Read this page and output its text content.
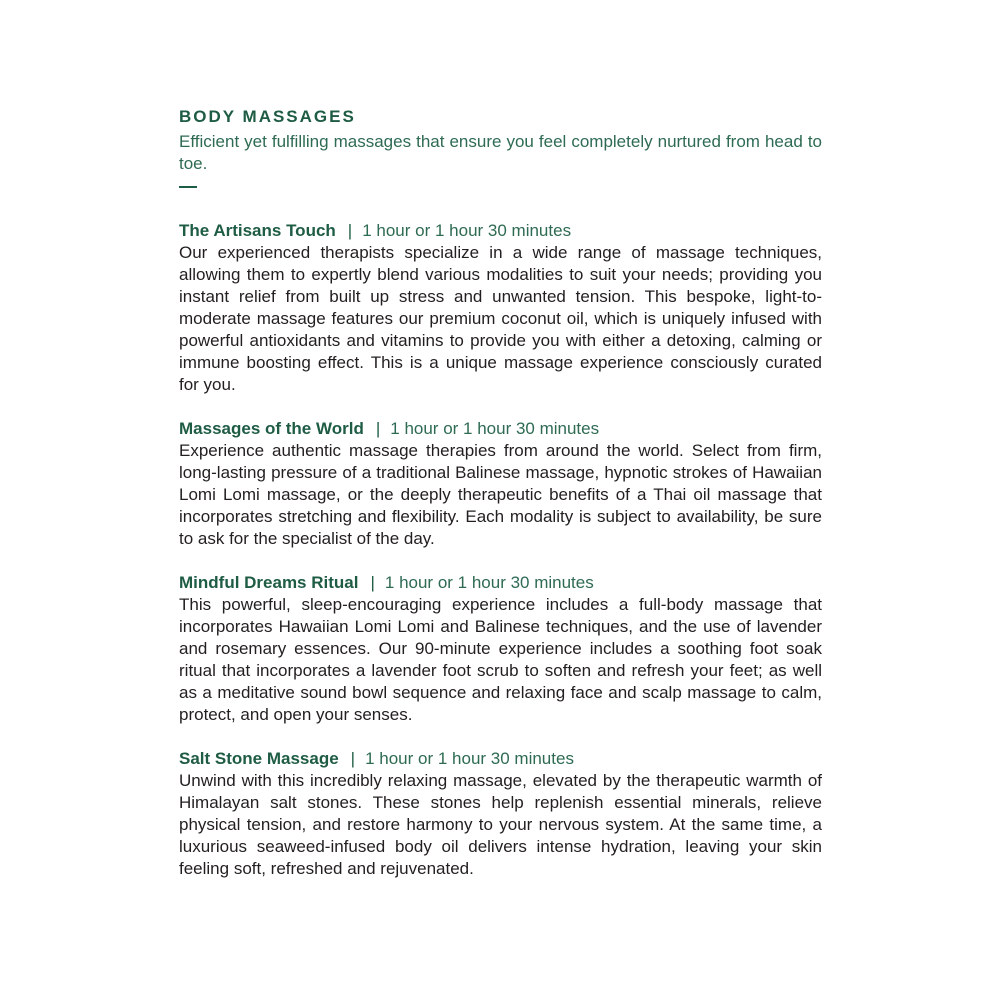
BODY MASSAGES

Efficient yet fulfilling massages that ensure you feel completely nurtured from head to toe.

The Artisans Touch | 1 hour or 1 hour 30 minutes

Our experienced therapists specialize in a wide range of massage techniques, allowing them to expertly blend various modalities to suit your needs; providing you instant relief from built up stress and unwanted tension. This bespoke, light-to-moderate massage features our premium coconut oil, which is uniquely infused with powerful antioxidants and vitamins to provide you with either a detoxing, calming or immune boosting effect. This is a unique massage experience consciously curated for you.

Massages of the World | 1 hour or 1 hour 30 minutes

Experience authentic massage therapies from around the world. Select from firm, long-lasting pressure of a traditional Balinese massage, hypnotic strokes of Hawaiian Lomi Lomi massage, or the deeply therapeutic benefits of a Thai oil massage that incorporates stretching and flexibility. Each modality is subject to availability, be sure to ask for the specialist of the day.

Mindful Dreams Ritual | 1 hour or 1 hour 30 minutes

This powerful, sleep-encouraging experience includes a full-body massage that incorporates Hawaiian Lomi Lomi and Balinese techniques, and the use of lavender and rosemary essences. Our 90-minute experience includes a soothing foot soak ritual that incorporates a lavender foot scrub to soften and refresh your feet; as well as a meditative sound bowl sequence and relaxing face and scalp massage to calm, protect, and open your senses.

Salt Stone Massage | 1 hour or 1 hour 30 minutes

Unwind with this incredibly relaxing massage, elevated by the therapeutic warmth of Himalayan salt stones. These stones help replenish essential minerals, relieve physical tension, and restore harmony to your nervous system. At the same time, a luxurious seaweed-infused body oil delivers intense hydration, leaving your skin feeling soft, refreshed and rejuvenated.
